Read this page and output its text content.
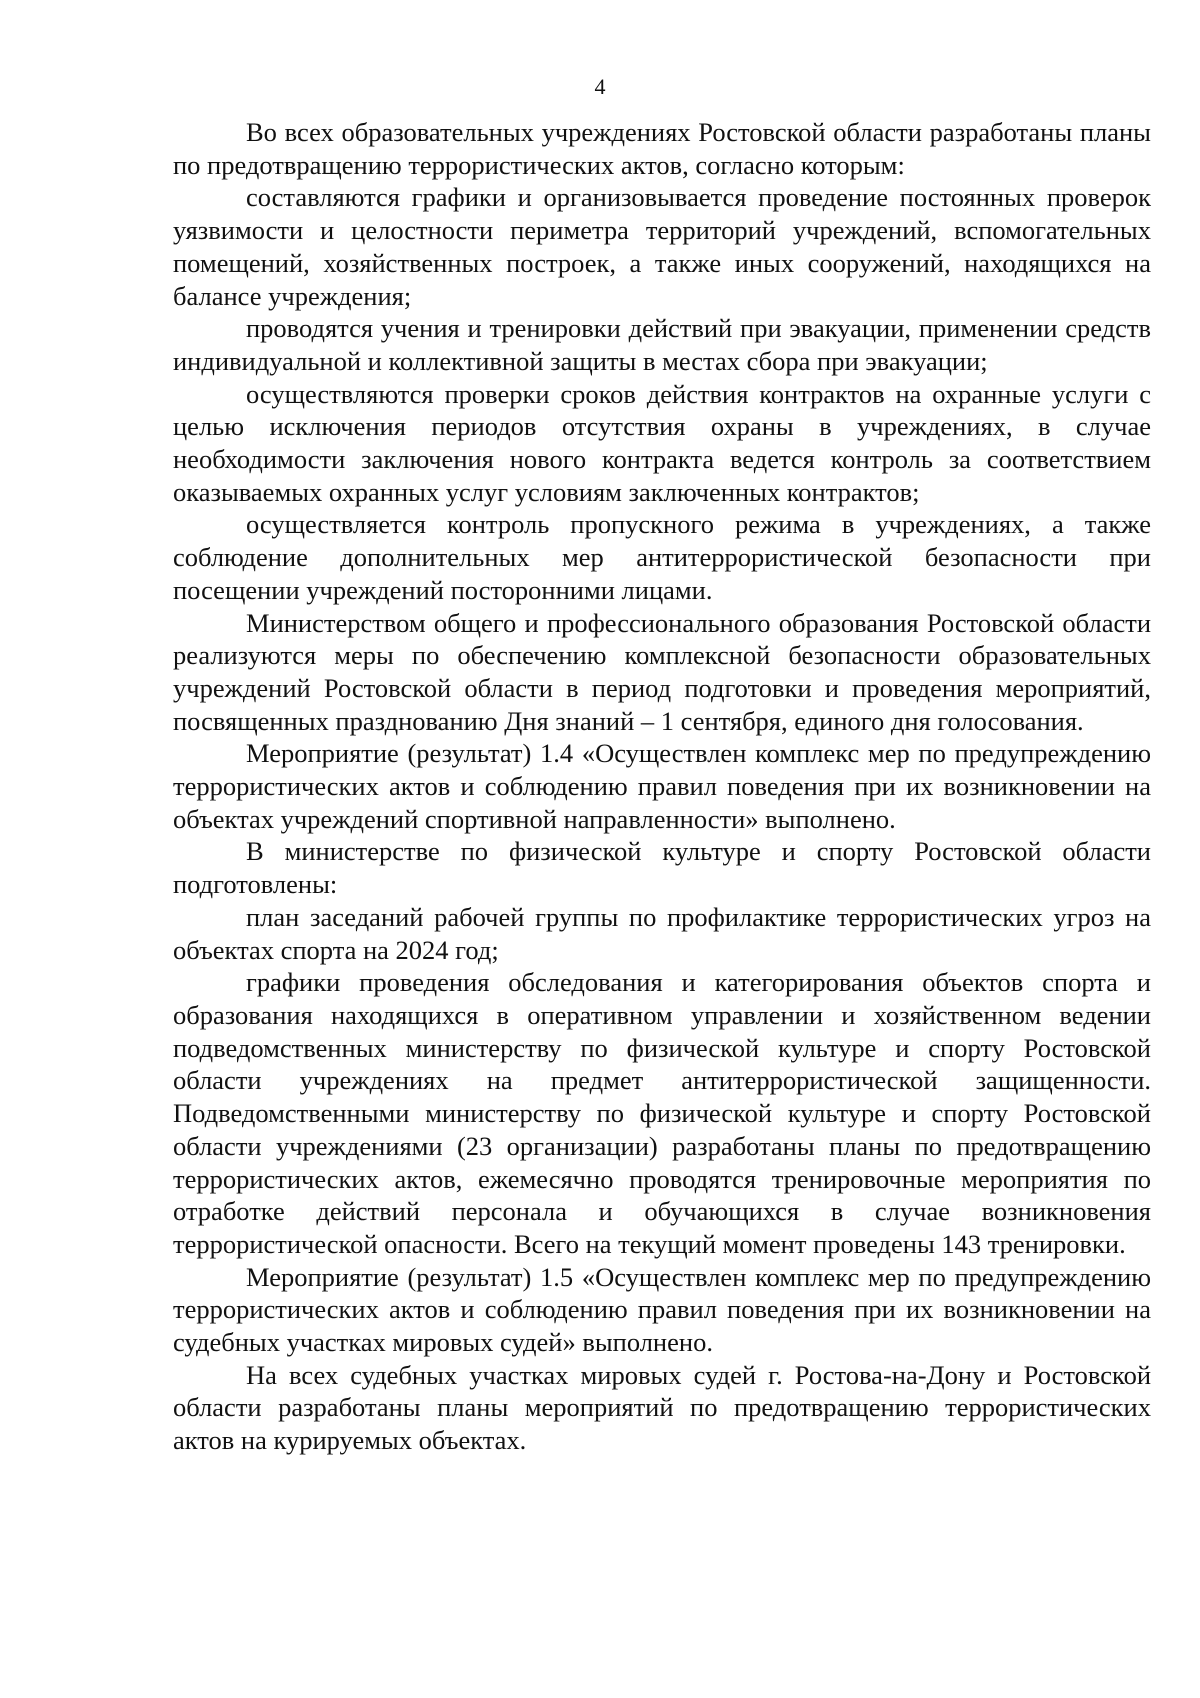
4

Во всех образовательных учреждениях Ростовской области разработаны планы по предотвращению террористических актов, согласно которым:

составляются графики и организовывается проведение постоянных проверок уязвимости и целостности периметра территорий учреждений, вспомогательных помещений, хозяйственных построек, а также иных сооружений, находящихся на балансе учреждения;

проводятся учения и тренировки действий при эвакуации, применении средств индивидуальной и коллективной защиты в местах сбора при эвакуации;

осуществляются проверки сроков действия контрактов на охранные услуги с целью исключения периодов отсутствия охраны в учреждениях, в случае необходимости заключения нового контракта ведется контроль за соответствием оказываемых охранных услуг условиям заключенных контрактов;

осуществляется контроль пропускного режима в учреждениях, а также соблюдение дополнительных мер антитеррористической безопасности при посещении учреждений посторонними лицами.

Министерством общего и профессионального образования Ростовской области реализуются меры по обеспечению комплексной безопасности образовательных учреждений Ростовской области в период подготовки и проведения мероприятий, посвященных празднованию Дня знаний – 1 сентября, единого дня голосования.

Мероприятие (результат) 1.4 «Осуществлен комплекс мер по предупреждению террористических актов и соблюдению правил поведения при их возникновении на объектах учреждений спортивной направленности» выполнено.

В министерстве по физической культуре и спорту Ростовской области подготовлены:

план заседаний рабочей группы по профилактике террористических угроз на объектах спорта на 2024 год;

графики проведения обследования и категорирования объектов спорта и образования находящихся в оперативном управлении и хозяйственном ведении подведомственных министерству по физической культуре и спорту Ростовской области учреждениях на предмет антитеррористической защищенности. Подведомственными министерству по физической культуре и спорту Ростовской области учреждениями (23 организации) разработаны планы по предотвращению террористических актов, ежемесячно проводятся тренировочные мероприятия по отработке действий персонала и обучающихся в случае возникновения террористической опасности. Всего на текущий момент проведены 143 тренировки.

Мероприятие (результат) 1.5 «Осуществлен комплекс мер по предупреждению террористических актов и соблюдению правил поведения при их возникновении на судебных участках мировых судей» выполнено.

На всех судебных участках мировых судей г. Ростова-на-Дону и Ростовской области разработаны планы мероприятий по предотвращению террористических актов на курируемых объектах.
